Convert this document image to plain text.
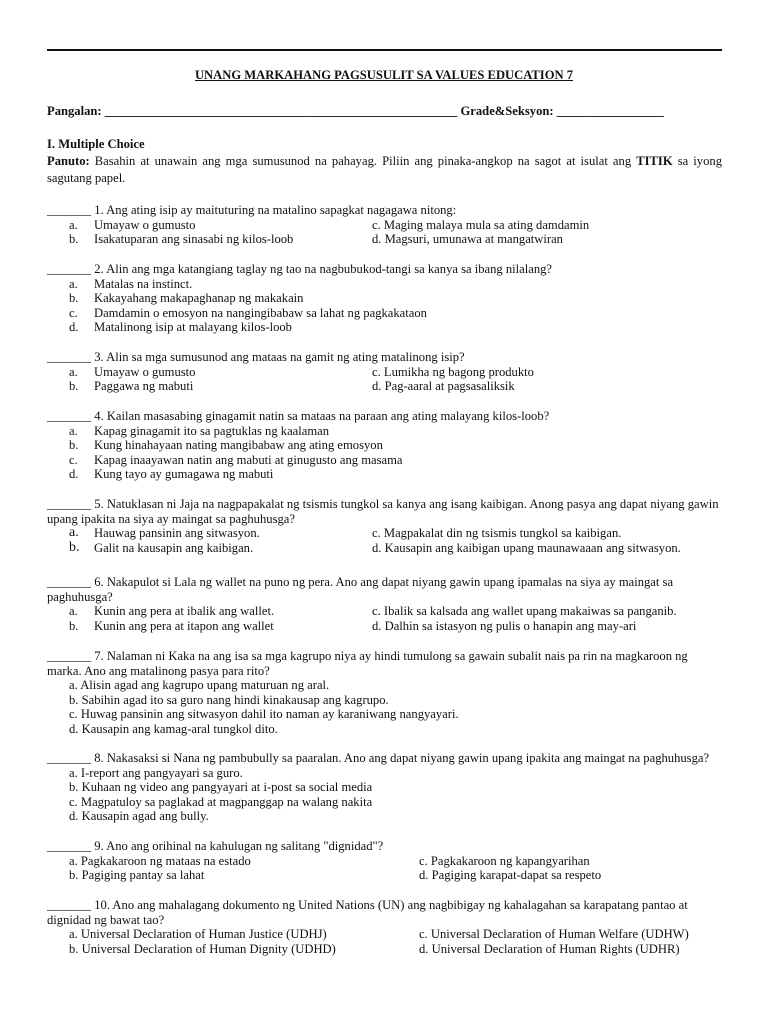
UNANG MARKAHANG PAGSUSULIT SA VALUES EDUCATION 7
Pangalan: ________________________________________________________ Grade&Seksyon: _________________
I. Multiple Choice
Panuto: Basahin at unawain ang mga sumusunod na pahayag. Piliin ang pinaka-angkop na sagot at isulat ang TITIK sa iyong sagutang papel.
_______ 1. Ang ating isip ay maituturing na matalino sapagkat nagagawa nitong:
a. Umayaw o gumusto	c. Maging malaya mula sa ating damdamin
b. Isakatuparan ang sinasabi ng kilos-loob	d. Magsuri, umunawa at mangatwiran
_______ 2. Alin ang mga katangiang taglay ng tao na nagbubukod-tangi sa kanya sa ibang nilalang?
a. Matalas na instinct.
b. Kakayahang makapaghanap ng makakain
c. Damdamin o emosyon na nangingibabaw sa lahat ng pagkakataon
d. Matalinong isip at malayang kilos-loob
_______ 3. Alin sa mga sumusunod ang mataas na gamit ng ating matalinong isip?
a. Umayaw o gumusto	c. Lumikha ng bagong produkto
b. Paggawa ng mabuti	d. Pag-aaral at pagsasaliksik
_______ 4. Kailan masasabing ginagamit natin sa mataas na paraan ang ating malayang kilos-loob?
a. Kapag ginagamit ito sa pagtuklas ng kaalaman
b. Kung hinahayaan nating mangibabaw ang ating emosyon
c. Kapag inaayawan natin ang mabuti at ginugusto ang masama
d. Kung tayo ay gumagawa ng mabuti
_______ 5. Natuklasan ni Jaja na nagpapakalat ng tsismis tungkol sa kanya ang isang kaibigan. Anong pasya ang dapat niyang gawin upang ipakita na siya ay maingat sa paghuhusga?
a. Hauwag pansinin ang sitwasyon.	c. Magpakalat din ng tsismis tungkol sa kaibigan.
b. Galit na kausapin ang kaibigan.	d. Kausapin ang kaibigan upang maunawaaan ang sitwasyon.
_______ 6. Nakapulot si Lala ng wallet na puno ng pera. Ano ang dapat niyang gawin upang ipamalas na siya ay maingat sa paghuhusga?
a. Kunin ang pera at ibalik ang wallet.	c. Ibalik sa kalsada ang wallet upang makaiwas sa panganib.
b. Kunin ang pera at itapon ang wallet	d. Dalhin sa istasyon ng pulis o hanapin ang may-ari
_______ 7. Nalaman ni Kaka na ang isa sa mga kagrupo niya ay hindi tumulong sa gawain subalit nais pa rin na magkaroon ng marka. Ano ang matalinong pasya para rito?
a. Alisin agad ang kagrupo upang maturuan ng aral.
b. Sabihin agad ito sa guro nang hindi kinakausap ang kagrupo.
c. Huwag pansinin ang sitwasyon dahil ito naman ay karaniwang nangyayari.
d. Kausapin ang kamag-aral tungkol dito.
_______ 8. Nakasaksi si Nana ng pambubully sa paaralan. Ano ang dapat niyang gawin upang ipakita ang maingat na paghuhusga?
a. I-report ang pangyayari sa guro.
b. Kuhaan ng video ang pangyayari at i-post sa social media
c. Magpatuloy sa paglakad at magpanggap na walang nakita
d. Kausapin agad ang bully.
_______ 9. Ano ang orihinal na kahulugan ng salitang "dignidad"?
a. Pagkakaroon ng mataas na estado	c. Pagkakaroon ng kapangyarihan
b. Pagiging pantay sa lahat	d. Pagiging karapat-dapat sa respeto
_______ 10. Ano ang mahalagang dokumento ng United Nations (UN) ang nagbibigay ng kahalagahan sa karapatang pantao at dignidad ng bawat tao?
a. Universal Declaration of Human Justice (UDHJ)	c. Universal Declaration of Human Welfare (UDHW)
b. Universal Declaration of Human Dignity (UDHD)	d. Universal Declaration of Human Rights (UDHR)
